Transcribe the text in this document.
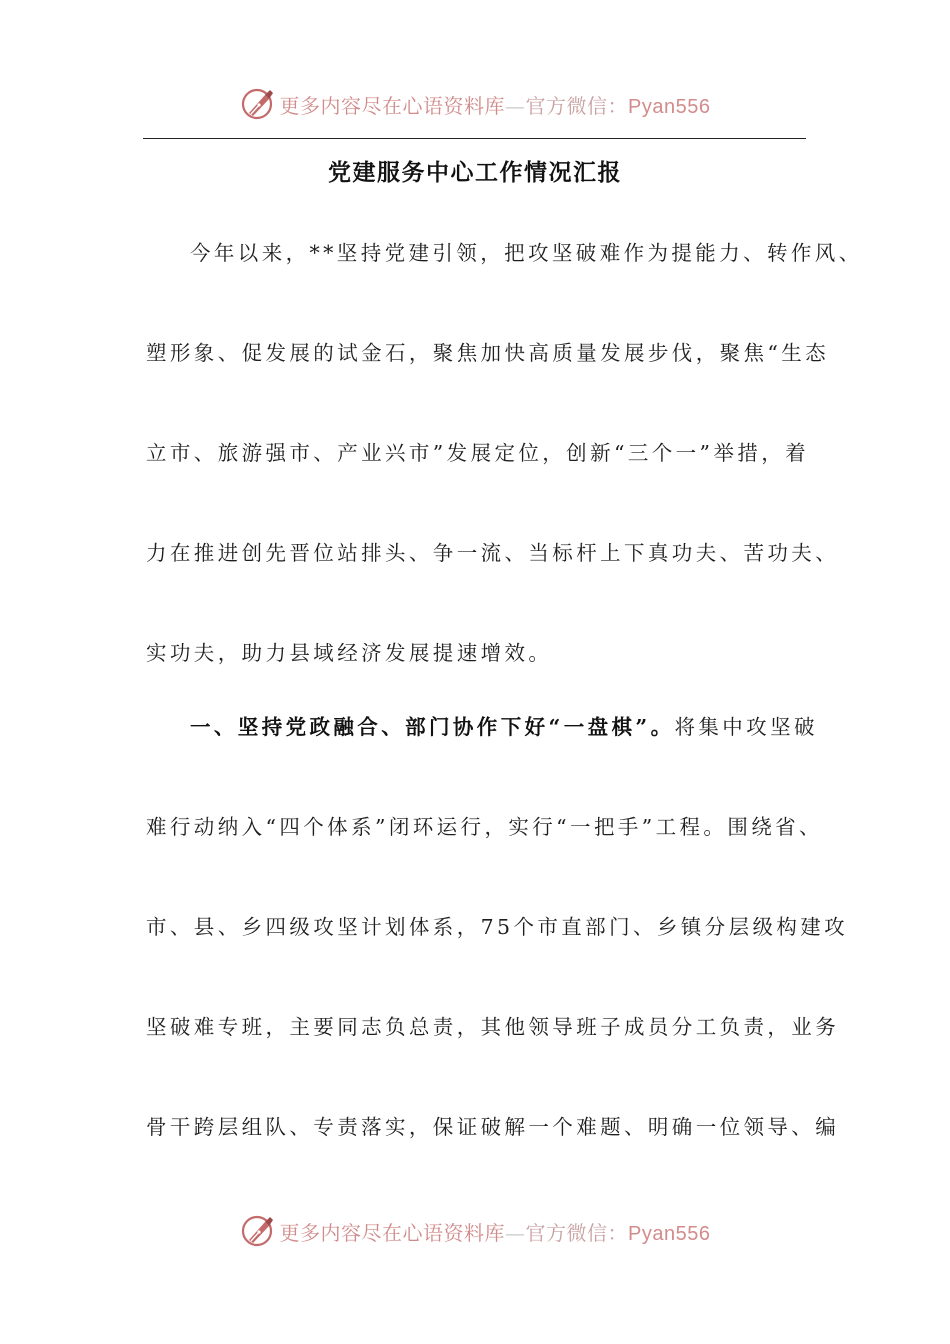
更多内容尽在心语资料库—官方微信：Pyan556
党建服务中心工作情况汇报
今年以来，**坚持党建引领，把攻坚破难作为提能力、转作风、
塑形象、促发展的试金石，聚焦加快高质量发展步伐，聚焦“生态
立市、旅游强市、产业兴市”发展定位，创新“三个一”举措，着
力在推进创先晋位站排头、争一流、当标杆上下真功夫、苦功夫、
实功夫，助力县域经济发展提速增效。
一、坚持党政融合、部门协作下好“一盘棋”。将集中攻坚破
难行动纳入“四个体系”闭环运行，实行“一把手”工程。围绕省、
市、县、乡四级攻坚计划体系，75个市直部门、乡镇分层级构建攻
坚破难专班，主要同志负总责，其他领导班子成员分工负责，业务
骨干跨层组队、专责落实，保证破解一个难题、明确一位领导、编
更多内容尽在心语资料库—官方微信：Pyan556
